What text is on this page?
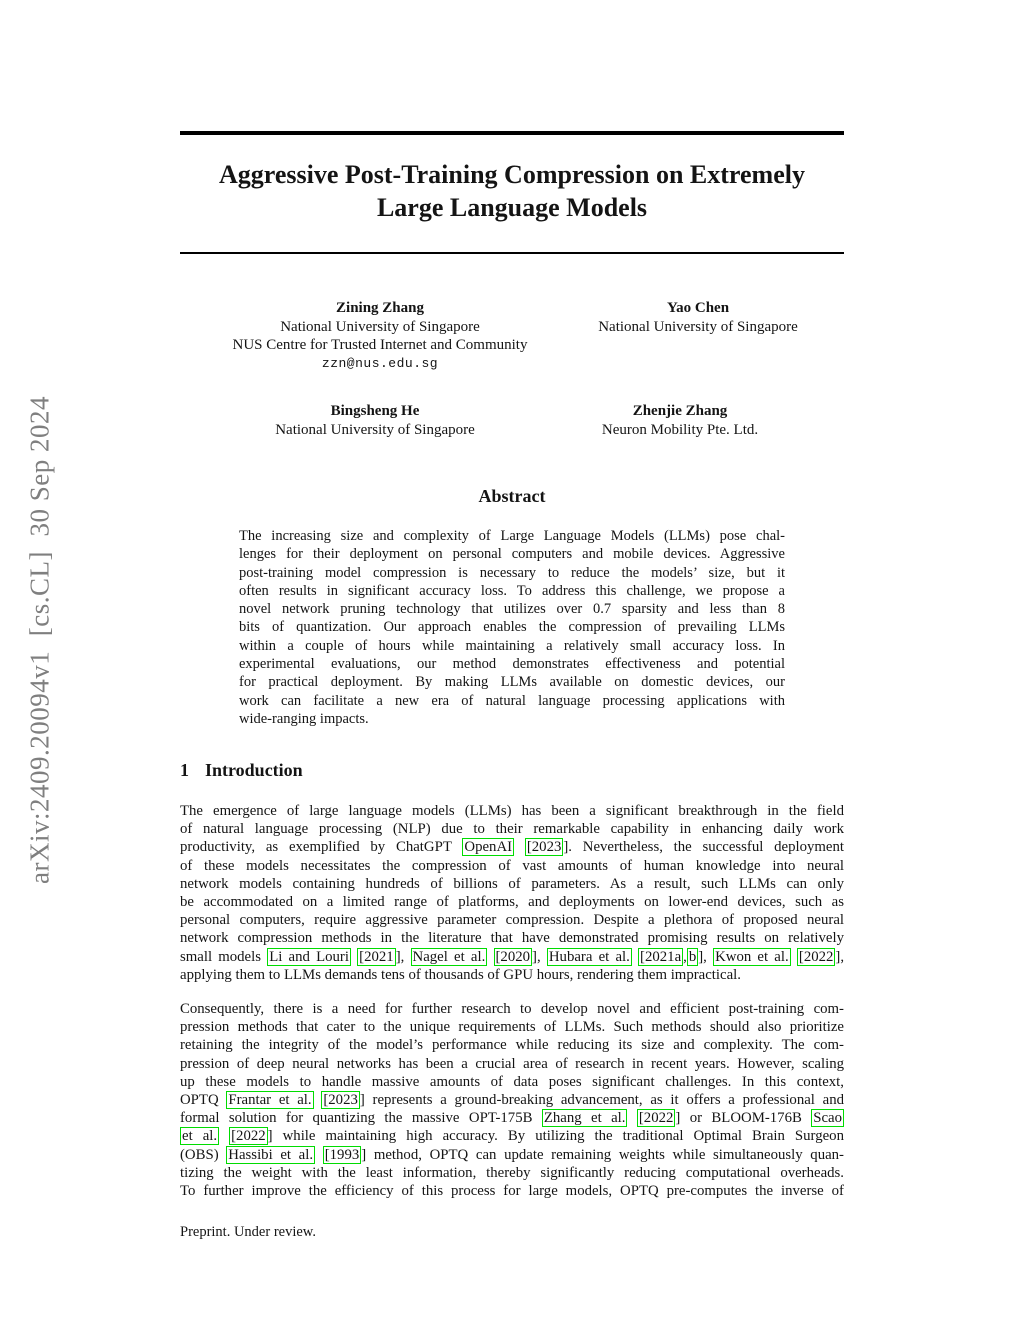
arXiv:2409.20094v1  [cs.CL]  30 Sep 2024
Aggressive Post-Training Compression on Extremely
Large Language Models
Zining Zhang
National University of Singapore
NUS Centre for Trusted Internet and Community
zzn@nus.edu.sg
Yao Chen
National University of Singapore
Bingsheng He
National University of Singapore
Zhenjie Zhang
Neuron Mobility Pte. Ltd.
Abstract
The increasing size and complexity of Large Language Models (LLMs) pose chal-
lenges for their deployment on personal computers and mobile devices. Aggressive
post-training model compression is necessary to reduce the models’ size, but it
often results in significant accuracy loss. To address this challenge, we propose a
novel network pruning technology that utilizes over 0.7 sparsity and less than 8
bits of quantization. Our approach enables the compression of prevailing LLMs
within a couple of hours while maintaining a relatively small accuracy loss. In
experimental evaluations, our method demonstrates effectiveness and potential
for practical deployment. By making LLMs available on domestic devices, our
work can facilitate a new era of natural language processing applications with
wide-ranging impacts.
1 Introduction
The emergence of large language models (LLMs) has been a significant breakthrough in the field
of natural language processing (NLP) due to their remarkable capability in enhancing daily work
productivity, as exemplified by ChatGPT OpenAI [2023 ]. Nevertheless, the successful deployment
of these models necessitates the compression of vast amounts of human knowledge into neural
network models containing hundreds of billions of parameters. As a result, such LLMs can only
be accommodated on a limited range of platforms, and deployments on lower-end devices, such as
personal computers, require aggressive parameter compression. Despite a plethora of proposed neural
network compression methods in the literature that have demonstrated promising results on relatively
small models Li and Louri [2021 ], Nagel et al. [2020 ], Hubara et al. [2021a , b ], Kwon et al. [2022 ],
applying them to LLMs demands tens of thousands of GPU hours, rendering them impractical.
Consequently, there is a need for further research to develop novel and efficient post-training com-
pression methods that cater to the unique requirements of LLMs. Such methods should also prioritize
retaining the integrity of the model’s performance while reducing its size and complexity. The com-
pression of deep neural networks has been a crucial area of research in recent years. However, scaling
up these models to handle massive amounts of data poses significant challenges. In this context,
OPTQ Frantar et al. [2023 ] represents a ground-breaking advancement, as it offers a professional and
formal solution for quantizing the massive OPT-175B Zhang et al. [2022 ] or BLOOM-176B Scao
et al. [2022 ] while maintaining high accuracy. By utilizing the traditional Optimal Brain Surgeon
(OBS) Hassibi et al. [1993 ] method, OPTQ can update remaining weights while simultaneously quan-
tizing the weight with the least information, thereby significantly reducing computational overheads.
To further improve the efficiency of this process for large models, OPTQ pre-computes the inverse of
Preprint. Under review.
